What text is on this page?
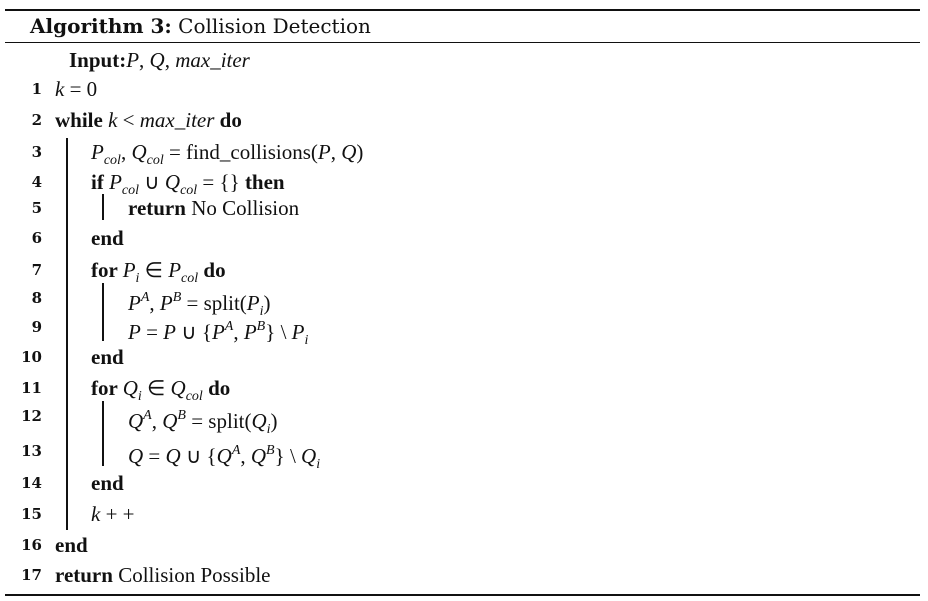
Algorithm 3: Collision Detection
Input:P, Q, max_iter
1 k = 0
2 while k < max_iter do
3 $P_{col}$, $Q_{col}$ = find_collisions(P, Q)
4 if $P_{col}$ ∪ $Q_{col}$ = {} then
5	return No Collision
6 end
7 for $P_i$ ∈ $P_{col}$ do
8	$P^A$, $P^B$ = $split(P_i)$
9	P = P ∪ {$P^A$, $P^B$} \ $P_i$
10 end
11 for $Q_i$ ∈ $Q_{col}$ do
12	$Q^A$, $Q^B$ = $split(Q_i)$
13	Q = Q ∪ {$Q^A$, $Q^B$} \ $Q_i$
14 end
15 k + +
16 end
17 return Collision Possible
